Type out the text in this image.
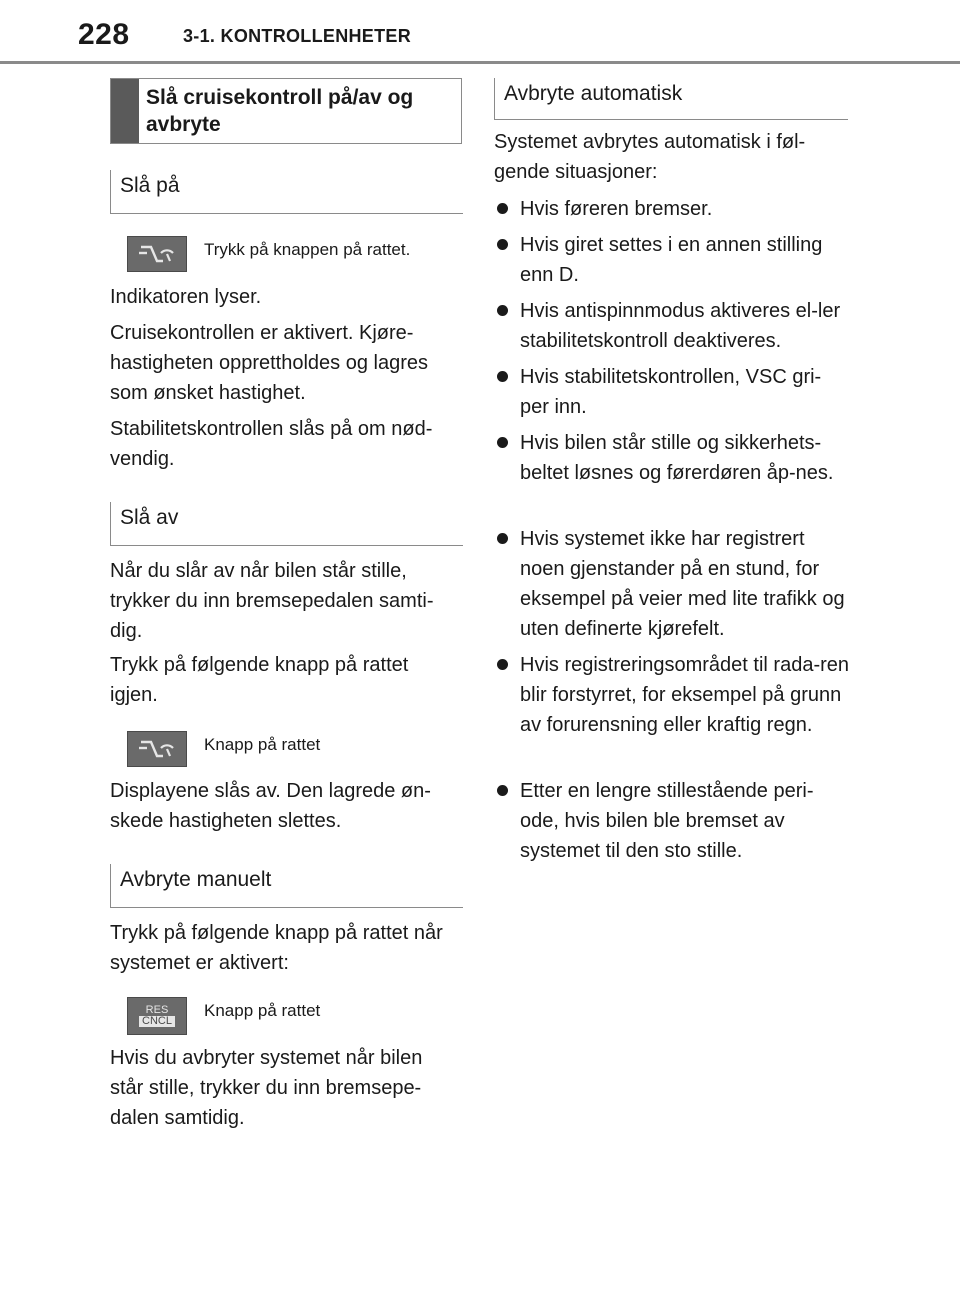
228	3-1. KONTROLLENHETER
Slå cruisekontroll på/av og avbryte
Slå på
Trykk på knappen på rattet.
Indikatoren lyser.
Cruisekontrollen er aktivert. Kjøre-hastigheten opprettholdes og lagres som ønsket hastighet.
Stabilitetskontrollen slås på om nød-vendig.
Slå av
Når du slår av når bilen står stille, trykker du inn bremsepedalen samti-dig.
Trykk på følgende knapp på rattet igjen.
Knapp på rattet
Displayene slås av. Den lagrede øn-skede hastigheten slettes.
Avbryte manuelt
Trykk på følgende knapp på rattet når systemet er aktivert:
RES
CNCL
Knapp på rattet
Hvis du avbryter systemet når bilen står stille, trykker du inn bremsepe-dalen samtidig.
Avbryte automatisk
Systemet avbrytes automatisk i føl-gende situasjoner:
Hvis føreren bremser.
Hvis giret settes i en annen stilling enn D.
Hvis antispinnmodus aktiveres el-ler stabilitetskontroll deaktiveres.
Hvis stabilitetskontrollen, VSC gri-per inn.
Hvis bilen står stille og sikkerhets-beltet løsnes og førerdøren åp-nes.
Hvis systemet ikke har registrert noen gjenstander på en stund, for eksempel på veier med lite trafikk og uten definerte kjørefelt.
Hvis registreringsområdet til rada-ren blir forstyrret, for eksempel på grunn av forurensning eller kraftig regn.
Etter en lengre stillestående peri-ode, hvis bilen ble bremset av systemet til den sto stille.
